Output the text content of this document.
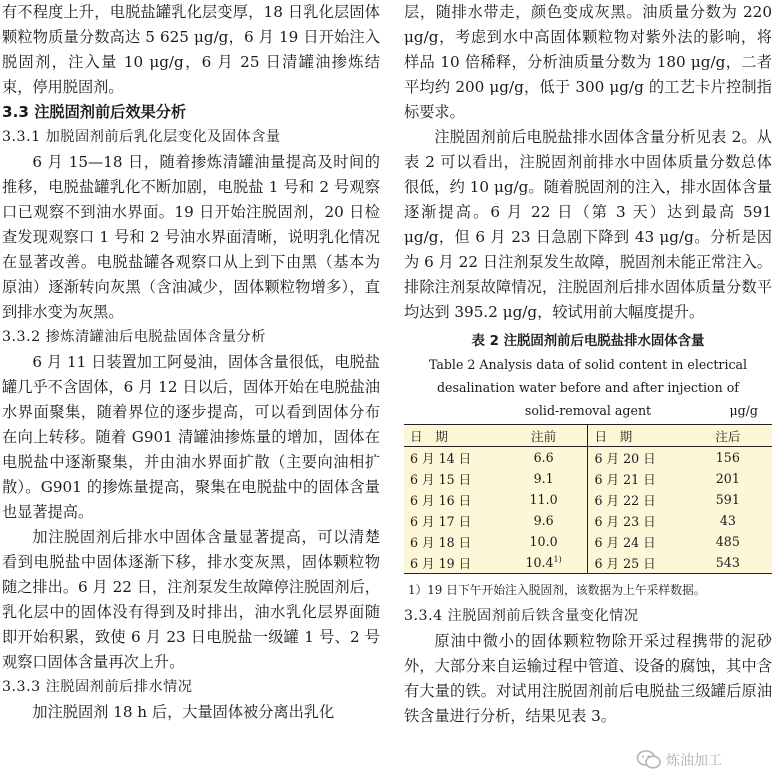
有不程度上升，电脱盐罐乳化层变厚，18 日乳化层固体颗粒物质量分数高达 5 625 μg/g，6 月 19 日开始注入脱固剂，注入量 10 μg/g，6 月 25 日清罐油掺炼结束，停用脱固剂。

3.3 注脱固剂前后效果分析

3.3.1 加脱固剂前后乳化层变化及固体含量

6 月 15—18 日，随着掺炼清罐油量提高及时间的推移，电脱盐罐乳化不断加剧，电脱盐 1 号和 2 号观察口已观察不到油水界面。19 日开始注脱固剂，20 日检查发现观察口 1 号和 2 号油水界面清晰，说明乳化情况在显著改善。电脱盐罐各观察口从上到下由黑（基本为原油）逐渐转向灰黑（含油减少，固体颗粒物增多），直到排水变为灰黑。

3.3.2 掺炼清罐油后电脱盐固体含量分析

6 月 11 日装置加工阿曼油，固体含量很低，电脱盐罐几乎不含固体，6 月 12 日以后，固体开始在电脱盐油水界面聚集，随着界位的逐步提高，可以看到固体分布在向上转移。随着 G901 清罐油掺炼量的增加，固体在电脱盐中逐渐聚集，并由油水界面扩散（主要向油相扩散）。G901 的掺炼量提高，聚集在电脱盐中的固体含量也显著提高。

加注脱固剂后排水中固体含量显著提高，可以清楚看到电脱盐中固体逐渐下移，排水变灰黑，固体颗粒物随之排出。6 月 22 日，注剂泵发生故障停注脱固剂后，乳化层中的固体没有得到及时排出，油水乳化层界面随即开始积累，致使 6 月 23 日电脱盐一级罐 1 号、2 号观察口固体含量再次上升。

3.3.3 注脱固剂前后排水情况

加注脱固剂 18 h 后，大量固体被分离出乳化

层，随排水带走，颜色变成灰黑。油质量分数为 220 μg/g，考虑到水中高固体颗粒物对紫外法的影响，将样品 10 倍稀释，分析油质量分数为 180 μg/g，二者平均约 200 μg/g，低于 300 μg/g 的工艺卡片控制指标要求。

注脱固剂前后电脱盐排水固体含量分析见表 2。从表 2 可以看出，注脱固剂前排水中固体质量分数总体很低，约 10 μg/g。随着脱固剂的注入，排水固体含量逐渐提高。6 月 22 日（第 3 天）达到最高 591 μg/g，但 6 月 23 日急剧下降到 43 μg/g。分析是因为 6 月 22 日注剂泵发生故障，脱固剂未能正常注入。排除注剂泵故障情况，注脱固剂后排水固体质量分数平均达到 395.2 μg/g，较试用前大幅度提升。

表 2 注脱固剂前后电脱盐排水固体含量

Table 2 Analysis data of solid content in electrical

desalination water before and after injection of

solid-removal agent	μg/g
日　期	注前	日　期	注后
6 月 14 日	6.6	6 月 20 日	156
6 月 15 日	9.1	6 月 21 日	201
6 月 16 日	11.0	6 月 22 日	591
6 月 17 日	9.6	6 月 23 日	43
6 月 18 日	10.0	6 月 24 日	485
6 月 19 日	10.4$^{1)}$	6 月 25 日	543

1）19 日下午开始注入脱固剂，该数据为上午采样数据。

3.3.4 注脱固剂前后铁含量变化情况

原油中微小的固体颗粒物除开采过程携带的泥砂外，大部分来自运输过程中管道、设备的腐蚀，其中含有大量的铁。对试用注脱固剂前后电脱盐三级罐后原油铁含量进行分析，结果见表 3。

炼油加工
